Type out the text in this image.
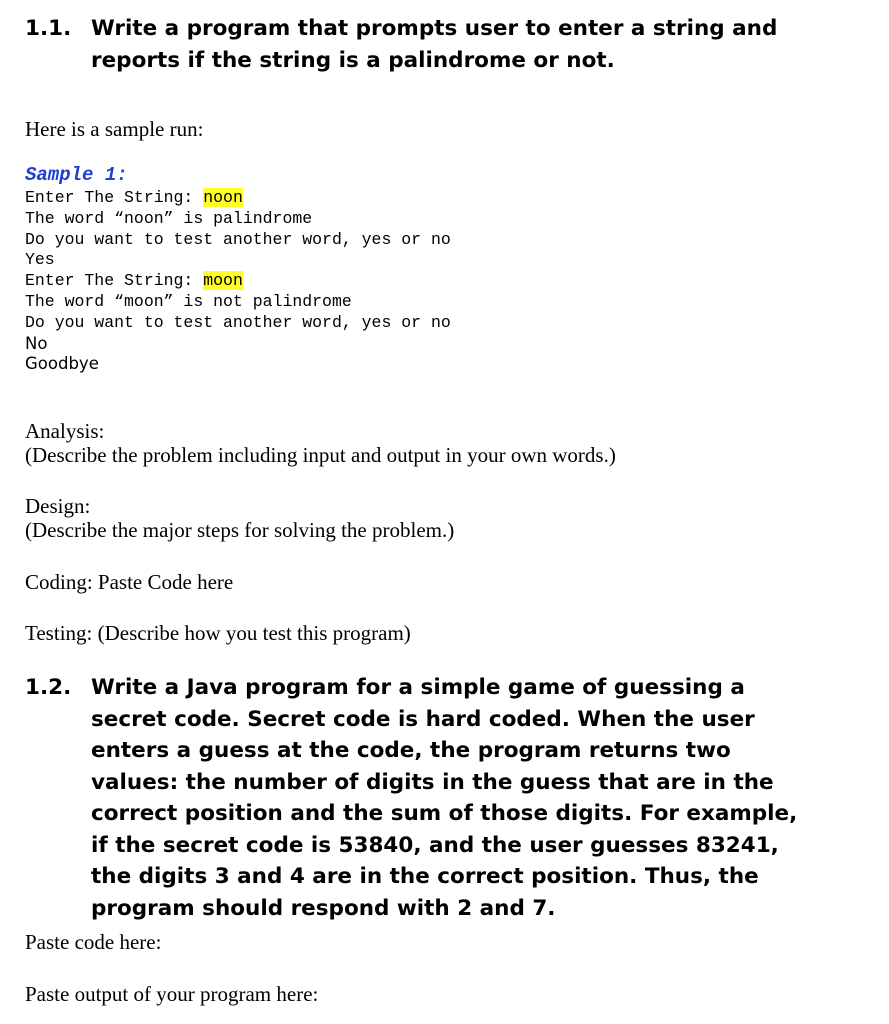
1.1. Write a program that prompts user to enter a string and reports if the string is a palindrome or not.
Here is a sample run:
Sample 1:
Enter The String: noon
The word “noon” is palindrome
Do you want to test another word, yes or no
Yes
Enter The String: moon
The word “moon” is not palindrome
Do you want to test another word, yes or no
No
Goodbye
Analysis:
(Describe the problem including input and output in your own words.)
Design:
(Describe the major steps for solving the problem.)
Coding: Paste Code here
Testing: (Describe how you test this program)
1.2. Write a Java program for a simple game of guessing a secret code. Secret code is hard coded. When the user enters a guess at the code, the program returns two values: the number of digits in the guess that are in the correct position and the sum of those digits. For example, if the secret code is 53840, and the user guesses 83241, the digits 3 and 4 are in the correct position. Thus, the program should respond with 2 and 7.
Paste code here:
Paste output of your program here:
